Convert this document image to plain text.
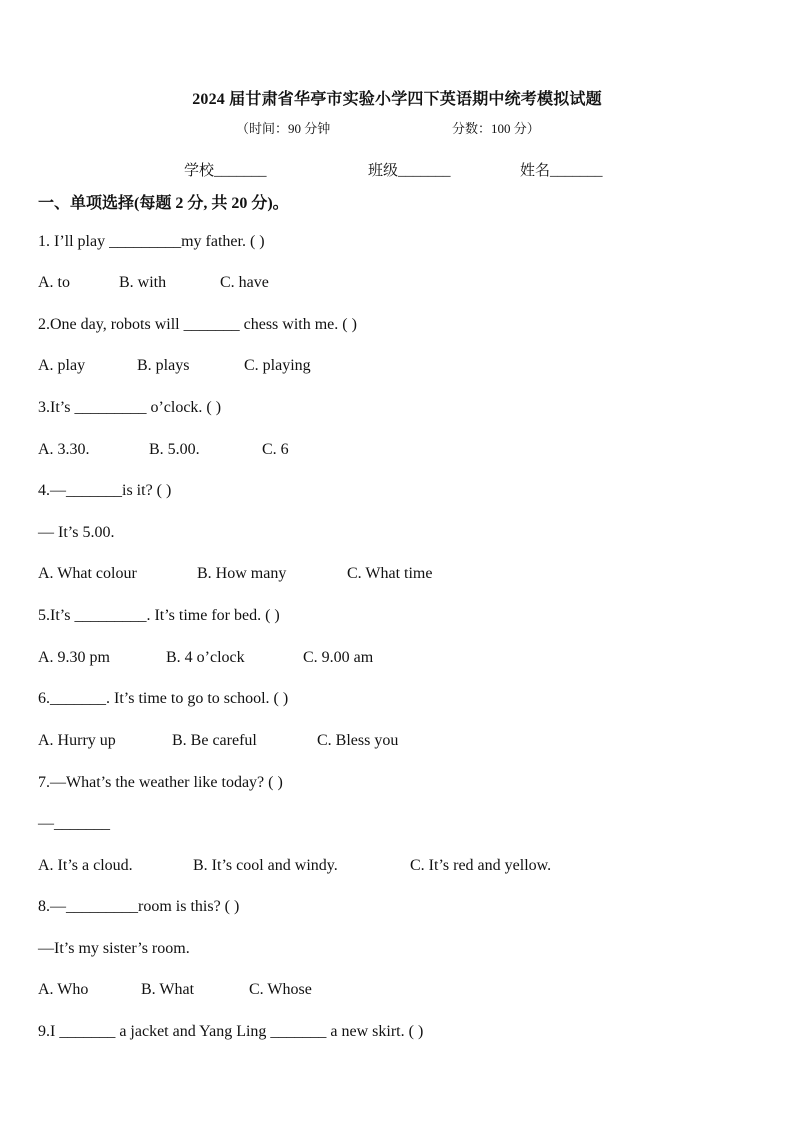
2024 届甘肃省华亭市实验小学四下英语期中统考模拟试题
（时间：90 分钟	分数：100 分）
学校_______	班级_______	姓名_______
一、单项选择(每题 2 分, 共 20 分)。
1. I’ll play _________my father. ( )
A. to	B. with	C. have
2.One day, robots will _______ chess with me. ( )
A. play	B. plays	C. playing
3.It’s _________ o’clock. ( )
A. 3.30.	B. 5.00.	C. 6
4.—_______is it? ( )
— It’s 5.00.
A. What colour	B. How many	C. What time
5.It’s _________. It’s time for bed. ( )
A. 9.30 pm	B. 4 o’clock	C. 9.00 am
6._______. It’s time to go to school. ( )
A. Hurry up	B. Be careful	C. Bless you
7.—What’s the weather like today? ( )
—_______
A. It’s a cloud.	B. It’s cool and windy.	C. It’s red and yellow.
8.—_________room is this? ( )
—It’s my sister’s room.
A. Who	B. What	C. Whose
9.I _______ a jacket and Yang Ling _______ a new skirt. ( )
